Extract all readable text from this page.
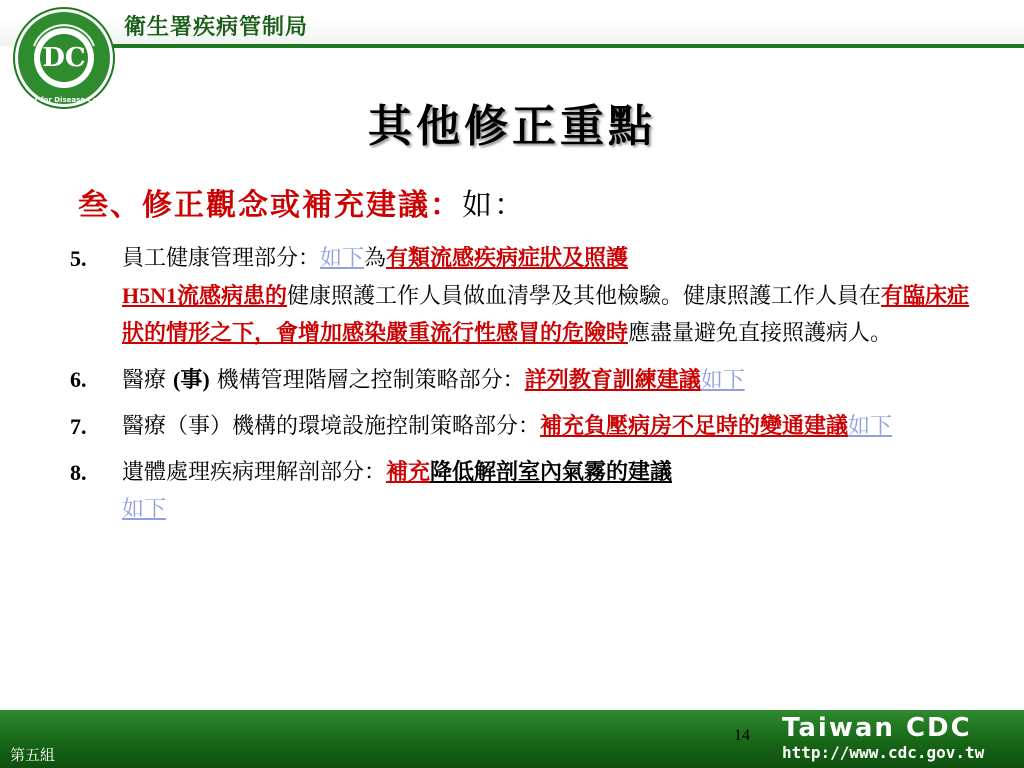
DC
Center for Disease Control
衛生署疾病管制局
其他修正重點
叁、修正觀念或補充建議：如：
5.	員工健康管理部分：如下為有類流感疾病症狀及照護
H5N1流感病患的健康照護工作人員做血清學及其他檢驗。健康照護工作人員在有臨床症狀的情形之下，會增加感染嚴重流行性感冒的危險時應盡量避免直接照護病人。
6.	醫療 (事) 機構管理階層之控制策略部分：詳列教育訓練建議如下
7.	醫療（事）機構的環境設施控制策略部分：補充負壓病房不足時的變通建議如下
8.	遺體處理疾病理解剖部分：補充降低解剖室內氣霧的建議
如下
第五組
14 Taiwan CDC
http://www.cdc.gov.tw
